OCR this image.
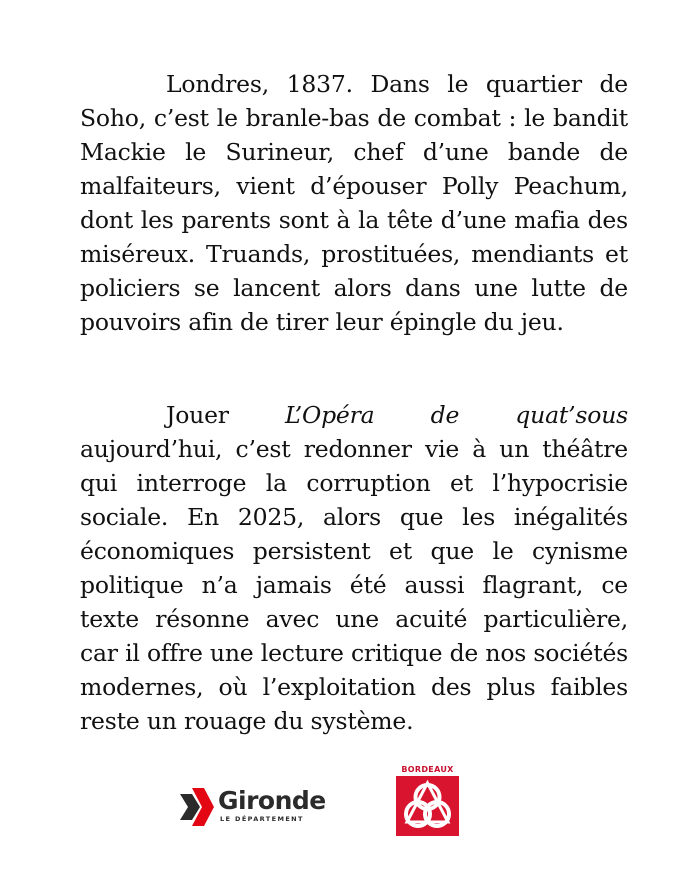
Londres, 1837. Dans le quartier de Soho, c’est le branle-bas de combat : le bandit Mackie le Surineur, chef d’une bande de malfaiteurs, vient d’épouser Polly Peachum, dont les parents sont à la tête d’une mafia des miséreux. Truands, prostituées, mendiants et policiers se lancent alors dans une lutte de pouvoirs afin de tirer leur épingle du jeu.

Jouer L’Opéra de quat’sous aujourd’hui, c’est redonner vie à un théâtre qui interroge la corruption et l’hypocrisie sociale. En 2025, alors que les inégalités économiques persistent et que le cynisme politique n’a jamais été aussi flagrant, ce texte résonne avec une acuité particulière, car il offre une lecture critique de nos sociétés modernes, où l’exploitation des plus faibles reste un rouage du système.

Gironde
LE DÉPARTEMENT
BORDEAUX
